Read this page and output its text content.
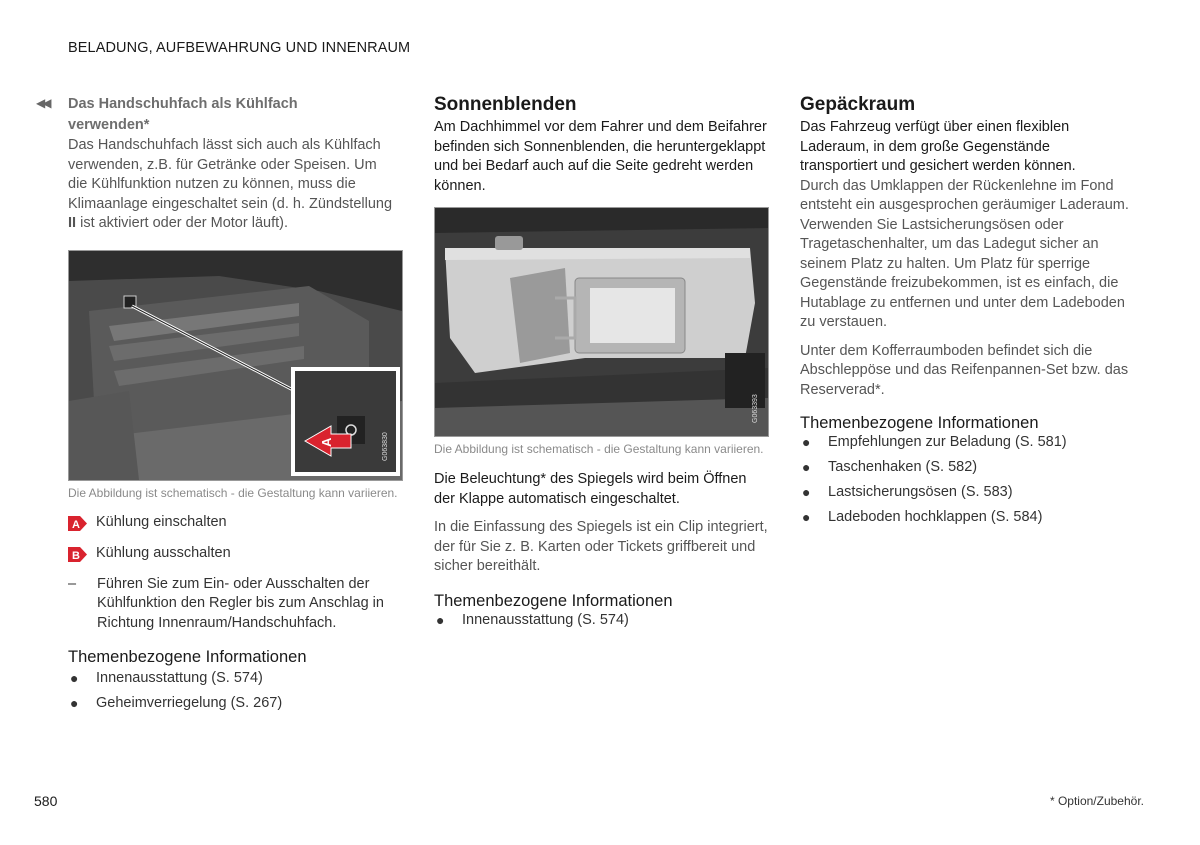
BELADUNG, AUFBEWAHRUNG UND INNENRAUM
◀◀ Das Handschuhfach als Kühlfach
verwenden*

Das Handschuhfach lässt sich auch als Kühlfach verwenden, z.B. für Getränke oder Speisen. Um die Kühlfunktion nutzen zu können, muss die Klimaanlage eingeschaltet sein (d. h. Zündstellung II ist aktiviert oder der Motor läuft).

G063830
A
Die Abbildung ist schematisch - die Gestaltung kann variieren.
A Kühlung einschalten
B Kühlung ausschalten
–	Führen Sie zum Ein- oder Ausschalten der Kühlfunktion den Regler bis zum Anschlag in Richtung Innenraum/Handschuhfach.

Themenbezogene Informationen

● Innenausstattung (S. 574)
● Geheimverriegelung (S. 267)

Sonnenblenden

Am Dachhimmel vor dem Fahrer und dem Beifahrer befinden sich Sonnenblenden, die heruntergeklappt und bei Bedarf auch auf die Seite gedreht werden können.

G063393
Die Abbildung ist schematisch - die Gestaltung kann variieren.

Die Beleuchtung* des Spiegels wird beim Öffnen der Klappe automatisch eingeschaltet.

In die Einfassung des Spiegels ist ein Clip integriert, der für Sie z. B. Karten oder Tickets griffbereit und sicher bereithält.

Themenbezogene Informationen

● Innenausstattung (S. 574)

Gepäckraum

Das Fahrzeug verfügt über einen flexiblen Laderaum, in dem große Gegenstände transportiert und gesichert werden können.

Durch das Umklappen der Rückenlehne im Fond entsteht ein ausgesprochen geräumiger Laderaum. Verwenden Sie Lastsicherungsösen oder Tragetaschenhalter, um das Ladegut sicher an seinem Platz zu halten. Um Platz für sperrige Gegenstände freizubekommen, ist es einfach, die Hutablage zu entfernen und unter dem Ladeboden zu verstauen.

Unter dem Kofferraumboden befindet sich die Abschleppöse und das Reifenpannen-Set bzw. das Reserverad*.

Themenbezogene Informationen

● Empfehlungen zur Beladung (S. 581)
● Taschenhaken (S. 582)
● Lastsicherungsösen (S. 583)
● Ladeboden hochklappen (S. 584)
580	* Option/Zubehör.
